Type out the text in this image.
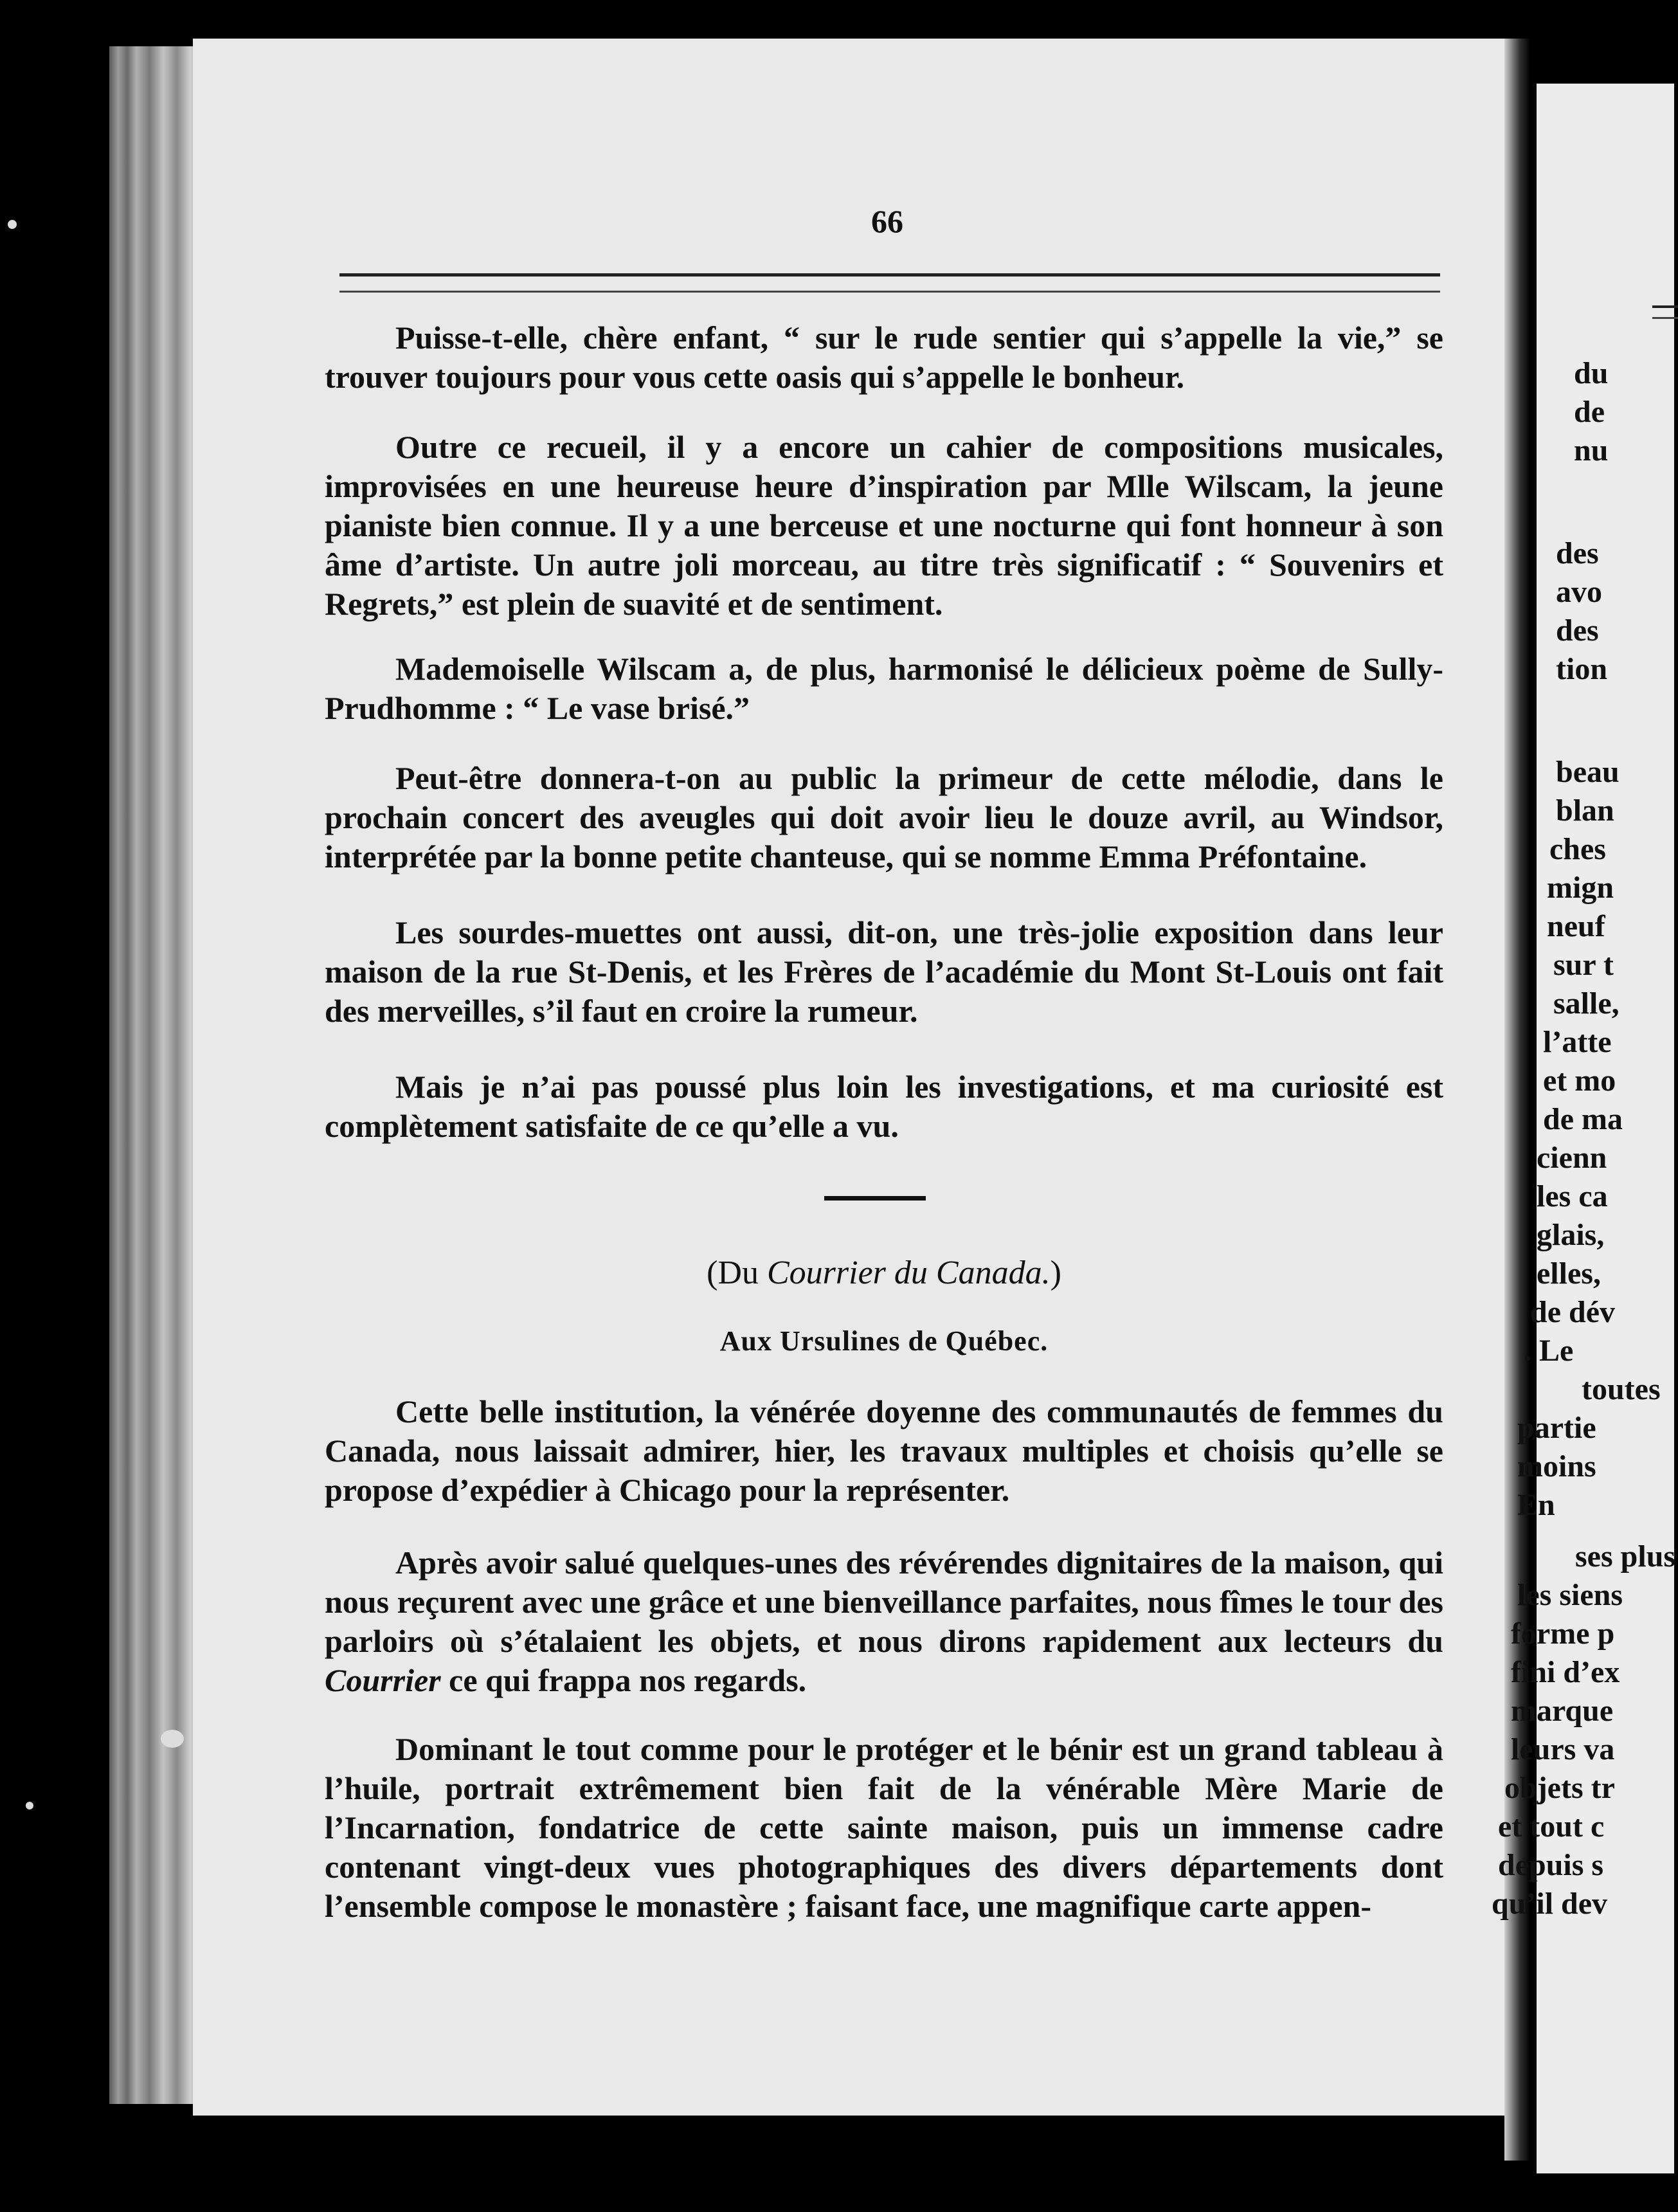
66

Puisse-t-elle, chère enfant, “ sur le rude sentier qui s’appelle la vie,” se trouver toujours pour vous cette oasis qui s’appelle le bonheur.

Outre ce recueil, il y a encore un cahier de compositions musicales, improvisées en une heureuse heure d’inspiration par Mlle Wilscam, la jeune pianiste bien connue. Il y a une berceuse et une nocturne qui font honneur à son âme d’artiste. Un autre joli morceau, au titre très significatif : “ Souvenirs et Regrets,” est plein de suavité et de sentiment.

Mademoiselle Wilscam a, de plus, harmonisé le délicieux poème de Sully-Prudhomme : “ Le vase brisé.”

Peut-être donnera-t-on au public la primeur de cette mélodie, dans le prochain concert des aveugles qui doit avoir lieu le douze avril, au Windsor, interprétée par la bonne petite chanteuse, qui se nomme Emma Préfontaine.

Les sourdes-muettes ont aussi, dit-on, une très-jolie exposition dans leur maison de la rue St-Denis, et les Frères de l’académie du Mont St-Louis ont fait des merveilles, s’il faut en croire la rumeur.

Mais je n’ai pas poussé plus loin les investigations, et ma curiosité est complètement satisfaite de ce qu’elle a vu.

(Du Courrier du Canada.)
Aux Ursulines de Québec.

Cette belle institution, la vénérée doyenne des communautés de femmes du Canada, nous laissait admirer, hier, les travaux multiples et choisis qu’elle se propose d’expédier à Chicago pour la représenter.

Après avoir salué quelques-unes des révérendes dignitaires de la maison, qui nous reçurent avec une grâce et une bienveillance parfaites, nous fîmes le tour des parloirs où s’étalaient les objets, et nous dirons rapidement aux lecteurs du Courrier ce qui frappa nos regards.

Dominant le tout comme pour le protéger et le bénir est un grand tableau à l’huile, portrait extrêmement bien fait de la vénérable Mère Marie de l’Incarnation, fondatrice de cette sainte maison, puis un immense cadre contenant vingt-deux vues photographiques des divers départements dont l’ensemble compose le monastère ; faisant face, une magnifique carte appen-

du
de
nu
des
avo
des
tion
beau
blan
ches
mign
neuf
sur t
salle,
l’atte
et mo
de ma
cienn
les ca
glais,
elles,
de dév
. Le
toutes
partie
moins
En
ses plus
les siens
forme p
fini d’ex
marque
leurs va
objets tr
et tout c
depuis s
qu’il dev
